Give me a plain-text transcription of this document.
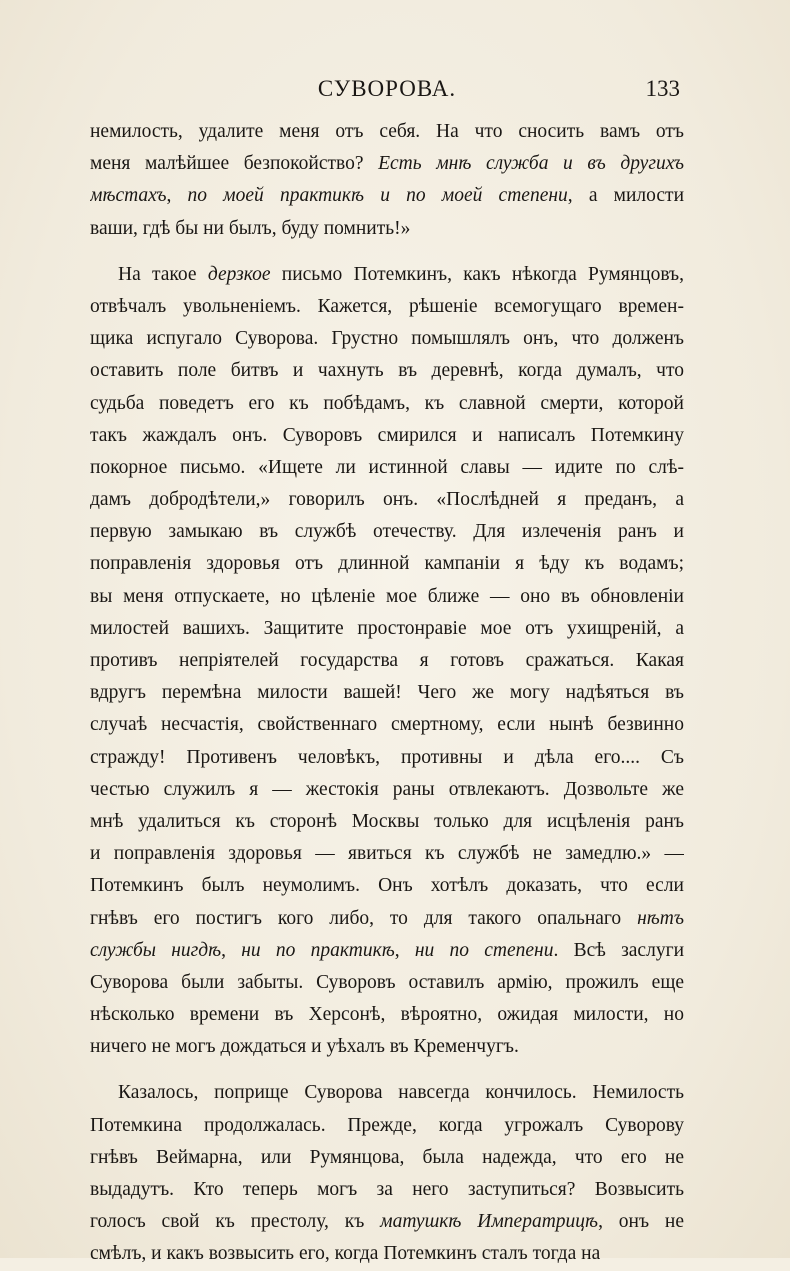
СУВОРОВА.	133
немилость, удалите меня отъ себя. На что сносить вамъ отъ
меня малѣйшее безпокойство? Есть мнѣ служба и въ другихъ
мѣстахъ, по моей практикѣ и по моей степени, а милости
ваши, гдѣ бы ни былъ, буду помнить!»
На такое дерзкое письмо Потемкинъ, какъ нѣкогда Румянцовъ,
отвѣчалъ увольненіемъ. Кажется, рѣшеніе всемогущаго времен-
щика испугало Суворова. Грустно помышлялъ онъ, что долженъ
оставить поле битвъ и чахнуть въ деревнѣ, когда думалъ, что
судьба поведетъ его къ побѣдамъ, къ славной смерти, которой
такъ жаждалъ онъ. Суворовъ смирился и написалъ Потемкину
покорное письмо. «Ищете ли истинной славы — идите по слѣ-
дамъ добродѣтели,» говорилъ онъ. «Послѣдней я преданъ, а
первую замыкаю въ службѣ отечеству. Для излеченія ранъ и
поправленія здоровья отъ длинной кампаніи я ѣду къ водамъ;
вы меня отпускаете, но цѣленіе мое ближе — оно въ обновленіи
милостей вашихъ. Защитите простонравіе мое отъ ухищреній, а
противъ непріятелей государства я готовъ сражаться. Какая
вдругъ перемѣна милости вашей! Чего же могу надѣяться въ
случаѣ несчастія, свойственнаго смертному, если нынѣ безвинно
стражду! Противенъ человѣкъ, противны и дѣла его.... Съ
честью служилъ я — жестокія раны отвлекаютъ. Дозвольте же
мнѣ удалиться къ сторонѣ Москвы только для исцѣленія ранъ
и поправленія здоровья — явиться къ службѣ не замедлю.» —
Потемкинъ былъ неумолимъ. Онъ хотѣлъ доказать, что если
гнѣвъ его постигъ кого либо, то для такого опальнаго нѣтъ
службы нигдѣ, ни по практикѣ, ни по степени. Всѣ заслуги
Суворова были забыты. Суворовъ оставилъ армію, прожилъ еще
нѣсколько времени въ Херсонѣ, вѣроятно, ожидая милости, но
ничего не могъ дождаться и уѣхалъ въ Кременчугъ.
Казалось, поприще Суворова навсегда кончилось. Немилость
Потемкина продолжалась. Прежде, когда угрожалъ Суворову
гнѣвъ Веймарна, или Румянцова, была надежда, что его не
выдадутъ. Кто теперь могъ за него заступиться? Возвысить
голосъ свой къ престолу, къ матушкѣ Императрицѣ, онъ не
смѣлъ, и какъ возвысить его, когда Потемкинъ сталъ тогда на
